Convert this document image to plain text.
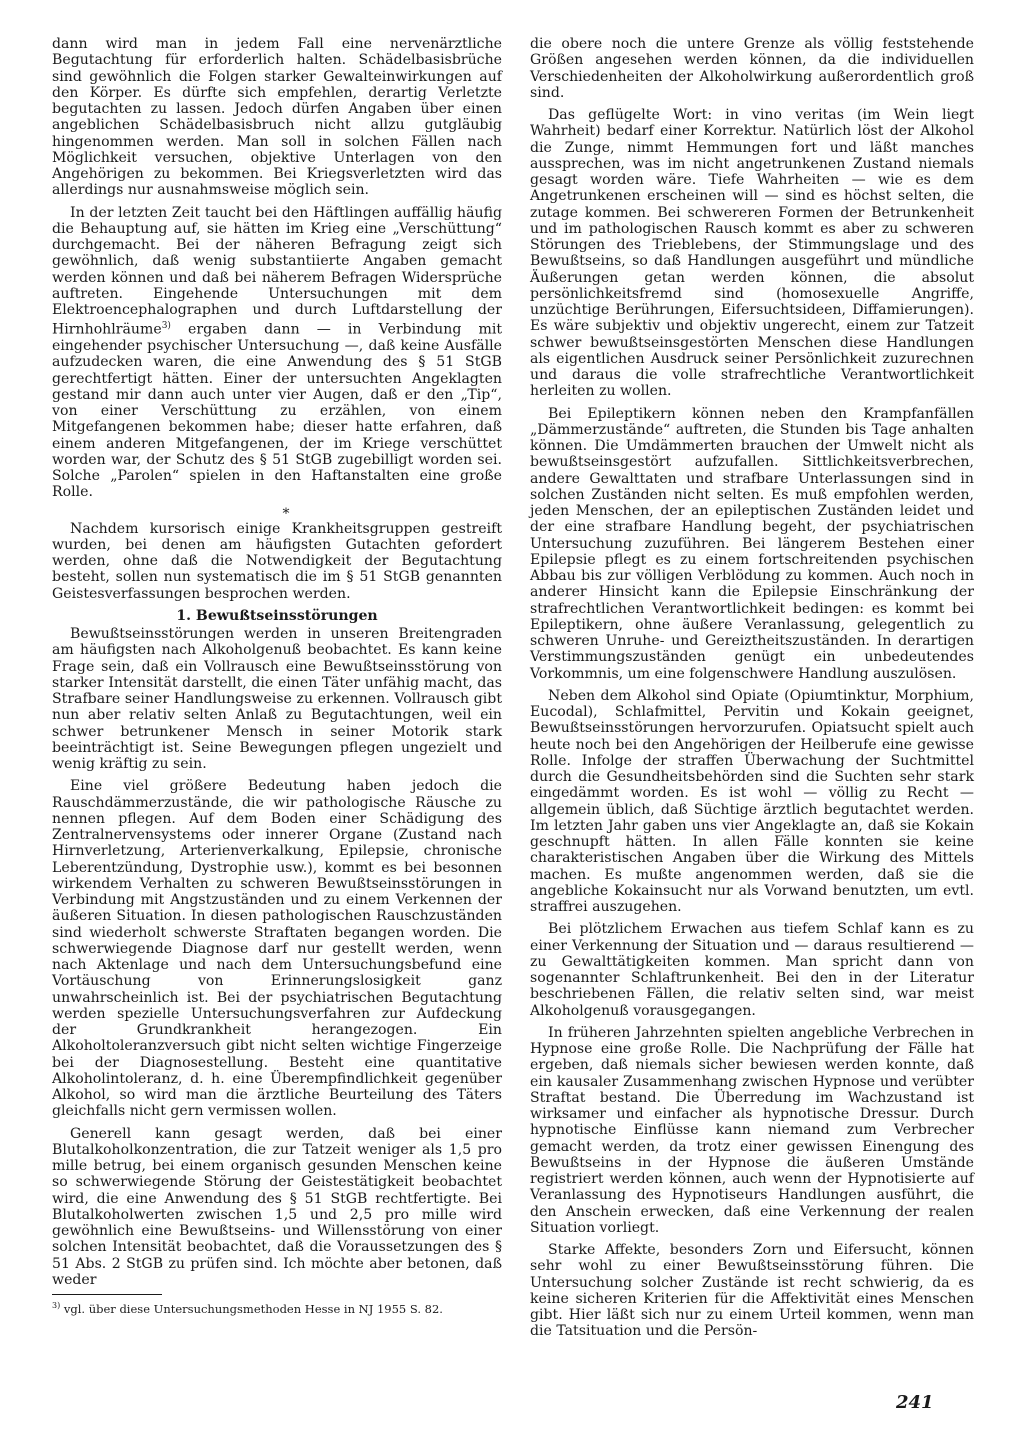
dann wird man in jedem Fall eine nervenärztliche Begutachtung für erforderlich halten. Schädelbasisbrüche sind gewöhnlich die Folgen starker Gewalteinwirkungen auf den Körper. Es dürfte sich empfehlen, derartig Verletzte begutachten zu lassen. Jedoch dürfen Angaben über einen angeblichen Schädelbasisbruch nicht allzu gutgläubig hingenommen werden. Man soll in solchen Fällen nach Möglichkeit versuchen, objektive Unterlagen von den Angehörigen zu bekommen. Bei Kriegsverletzten wird das allerdings nur ausnahmsweise möglich sein.

In der letzten Zeit taucht bei den Häftlingen auffällig häufig die Behauptung auf, sie hätten im Krieg eine „Verschüttung“ durchgemacht. Bei der näheren Befragung zeigt sich gewöhnlich, daß wenig substantiierte Angaben gemacht werden können und daß bei näherem Befragen Widersprüche auftreten. Eingehende Untersuchungen mit dem Elektroencephalographen und durch Luftdarstellung der Hirnhohlräume$^{3)}$ ergaben dann — in Verbindung mit eingehender psychischer Untersuchung —, daß keine Ausfälle aufzudecken waren, die eine Anwendung des § 51 StGB gerechtfertigt hätten. Einer der untersuchten Angeklagten gestand mir dann auch unter vier Augen, daß er den „Tip“, von einer Verschüttung zu erzählen, von einem Mitgefangenen bekommen habe; dieser hatte erfahren, daß einem anderen Mitgefangenen, der im Kriege verschüttet worden war, der Schutz des § 51 StGB zugebilligt worden sei. Solche „Parolen“ spielen in den Haftanstalten eine große Rolle.

*

Nachdem kursorisch einige Krankheitsgruppen gestreift wurden, bei denen am häufigsten Gutachten gefordert werden, ohne daß die Notwendigkeit der Begutachtung besteht, sollen nun systematisch die im § 51 StGB genannten Geistesverfassungen besprochen werden.

1. Bewußtseinsstörungen

Bewußtseinsstörungen werden in unseren Breitengraden am häufigsten nach Alkoholgenuß beobachtet. Es kann keine Frage sein, daß ein Vollrausch eine Bewußtseinsstörung von starker Intensität darstellt, die einen Täter unfähig macht, das Strafbare seiner Handlungsweise zu erkennen. Vollrausch gibt nun aber relativ selten Anlaß zu Begutachtungen, weil ein schwer betrunkener Mensch in seiner Motorik stark beeinträchtigt ist. Seine Bewegungen pflegen ungezielt und wenig kräftig zu sein.

Eine viel größere Bedeutung haben jedoch die Rauschdämmerzustände, die wir pathologische Räusche zu nennen pflegen. Auf dem Boden einer Schädigung des Zentralnervensystems oder innerer Organe (Zustand nach Hirnverletzung, Arterienverkalkung, Epilepsie, chronische Leberentzündung, Dystrophie usw.), kommt es bei besonnen wirkendem Verhalten zu schweren Bewußtseinsstörungen in Verbindung mit Angstzuständen und zu einem Verkennen der äußeren Situation. In diesen pathologischen Rauschzuständen sind wiederholt schwerste Straftaten begangen worden. Die schwerwiegende Diagnose darf nur gestellt werden, wenn nach Aktenlage und nach dem Untersuchungsbefund eine Vortäuschung von Erinnerungslosigkeit ganz unwahrscheinlich ist. Bei der psychiatrischen Begutachtung werden spezielle Untersuchungsverfahren zur Aufdeckung der Grundkrankheit herangezogen. Ein Alkoholtoleranzversuch gibt nicht selten wichtige Fingerzeige bei der Diagnosestellung. Besteht eine quantitative Alkoholintoleranz, d. h. eine Überempfindlichkeit gegenüber Alkohol, so wird man die ärztliche Beurteilung des Täters gleichfalls nicht gern vermissen wollen.

Generell kann gesagt werden, daß bei einer Blutalkoholkonzentration, die zur Tatzeit weniger als 1,5 pro mille betrug, bei einem organisch gesunden Menschen keine so schwerwiegende Störung der Geistestätigkeit beobachtet wird, die eine Anwendung des § 51 StGB rechtfertigte. Bei Blutalkoholwerten zwischen 1,5 und 2,5 pro mille wird gewöhnlich eine Bewußtseins- und Willensstörung von einer solchen Intensität beobachtet, daß die Voraussetzungen des § 51 Abs. 2 StGB zu prüfen sind. Ich möchte aber betonen, daß weder

$^{3)}$ vgl. über diese Untersuchungsmethoden Hesse in NJ 1955 S. 82.

die obere noch die untere Grenze als völlig feststehende Größen angesehen werden können, da die individuellen Verschiedenheiten der Alkoholwirkung außerordentlich groß sind.

Das geflügelte Wort: in vino veritas (im Wein liegt Wahrheit) bedarf einer Korrektur. Natürlich löst der Alkohol die Zunge, nimmt Hemmungen fort und läßt manches aussprechen, was im nicht angetrunkenen Zustand niemals gesagt worden wäre. Tiefe Wahrheiten — wie es dem Angetrunkenen erscheinen will — sind es höchst selten, die zutage kommen. Bei schwereren Formen der Betrunkenheit und im pathologischen Rausch kommt es aber zu schweren Störungen des Trieblebens, der Stimmungslage und des Bewußtseins, so daß Handlungen ausgeführt und mündliche Äußerungen getan werden können, die absolut persönlichkeitsfremd sind (homosexuelle Angriffe, unzüchtige Berührungen, Eifersuchtsideen, Diffamierungen). Es wäre subjektiv und objektiv ungerecht, einem zur Tatzeit schwer bewußtseinsgestörten Menschen diese Handlungen als eigentlichen Ausdruck seiner Persönlichkeit zuzurechnen und daraus die volle strafrechtliche Verantwortlichkeit herleiten zu wollen.

Bei Epileptikern können neben den Krampfanfällen „Dämmerzustände“ auftreten, die Stunden bis Tage anhalten können. Die Umdämmerten brauchen der Umwelt nicht als bewußtseinsgestört aufzufallen. Sittlichkeitsverbrechen, andere Gewalttaten und strafbare Unterlassungen sind in solchen Zuständen nicht selten. Es muß empfohlen werden, jeden Menschen, der an epileptischen Zuständen leidet und der eine strafbare Handlung begeht, der psychiatrischen Untersuchung zuzuführen. Bei längerem Bestehen einer Epilepsie pflegt es zu einem fortschreitenden psychischen Abbau bis zur völligen Verblödung zu kommen. Auch noch in anderer Hinsicht kann die Epilepsie Einschränkung der strafrechtlichen Verantwortlichkeit bedingen: es kommt bei Epileptikern, ohne äußere Veranlassung, gelegentlich zu schweren Unruhe- und Gereiztheitszuständen. In derartigen Verstimmungszuständen genügt ein unbedeutendes Vorkommnis, um eine folgenschwere Handlung auszulösen.

Neben dem Alkohol sind Opiate (Opiumtinktur, Morphium, Eucodal), Schlafmittel, Pervitin und Kokain geeignet, Bewußtseinsstörungen hervorzurufen. Opiatsucht spielt auch heute noch bei den Angehörigen der Heilberufe eine gewisse Rolle. Infolge der straffen Überwachung der Suchtmittel durch die Gesundheitsbehörden sind die Suchten sehr stark eingedämmt worden. Es ist wohl — völlig zu Recht — allgemein üblich, daß Süchtige ärztlich begutachtet werden. Im letzten Jahr gaben uns vier Angeklagte an, daß sie Kokain geschnupft hätten. In allen Fälle konnten sie keine charakteristischen Angaben über die Wirkung des Mittels machen. Es mußte angenommen werden, daß sie die angebliche Kokainsucht nur als Vorwand benutzten, um evtl. straffrei auszugehen.

Bei plötzlichem Erwachen aus tiefem Schlaf kann es zu einer Verkennung der Situation und — daraus resultierend — zu Gewalttätigkeiten kommen. Man spricht dann von sogenannter Schlaftrunkenheit. Bei den in der Literatur beschriebenen Fällen, die relativ selten sind, war meist Alkoholgenuß vorausgegangen.

In früheren Jahrzehnten spielten angebliche Verbrechen in Hypnose eine große Rolle. Die Nachprüfung der Fälle hat ergeben, daß niemals sicher bewiesen werden konnte, daß ein kausaler Zusammenhang zwischen Hypnose und verübter Straftat bestand. Die Überredung im Wachzustand ist wirksamer und einfacher als hypnotische Dressur. Durch hypnotische Einflüsse kann niemand zum Verbrecher gemacht werden, da trotz einer gewissen Einengung des Bewußtseins in der Hypnose die äußeren Umstände registriert werden können, auch wenn der Hypnotisierte auf Veranlassung des Hypnotiseurs Handlungen ausführt, die den Anschein erwecken, daß eine Verkennung der realen Situation vorliegt.

Starke Affekte, besonders Zorn und Eifersucht, können sehr wohl zu einer Bewußtseinsstörung führen. Die Untersuchung solcher Zustände ist recht schwierig, da es keine sicheren Kriterien für die Affektivität eines Menschen gibt. Hier läßt sich nur zu einem Urteil kommen, wenn man die Tatsituation und die Persön-

241
